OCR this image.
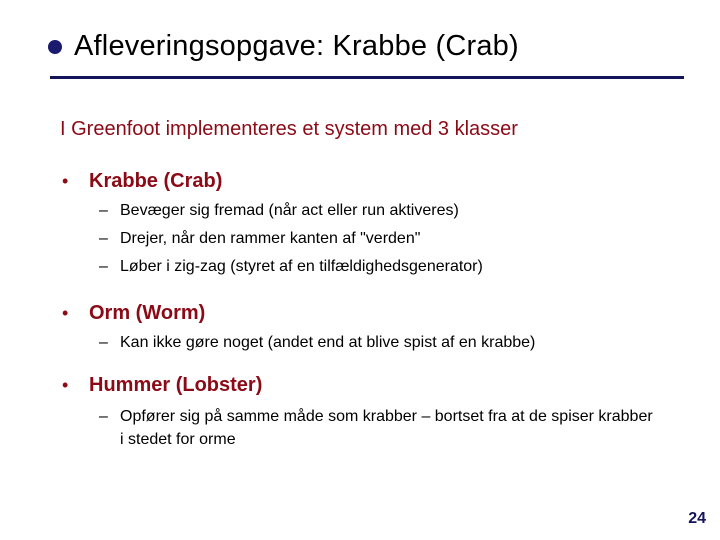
Afleveringsopgave: Krabbe (Crab)
I Greenfoot implementeres et system med 3 klasser
•	Krabbe (Crab)
– Bevæger sig fremad (når act eller run aktiveres)
– Drejer, når den rammer kanten af "verden"
– Løber i zig-zag (styret af en tilfældighedsgenerator)
•	Orm (Worm)
– Kan ikke gøre noget (andet end at blive spist af en krabbe)
•	Hummer (Lobster)
– Opfører sig på samme måde som krabber – bortset fra at de spiser krabber i stedet for orme
24
